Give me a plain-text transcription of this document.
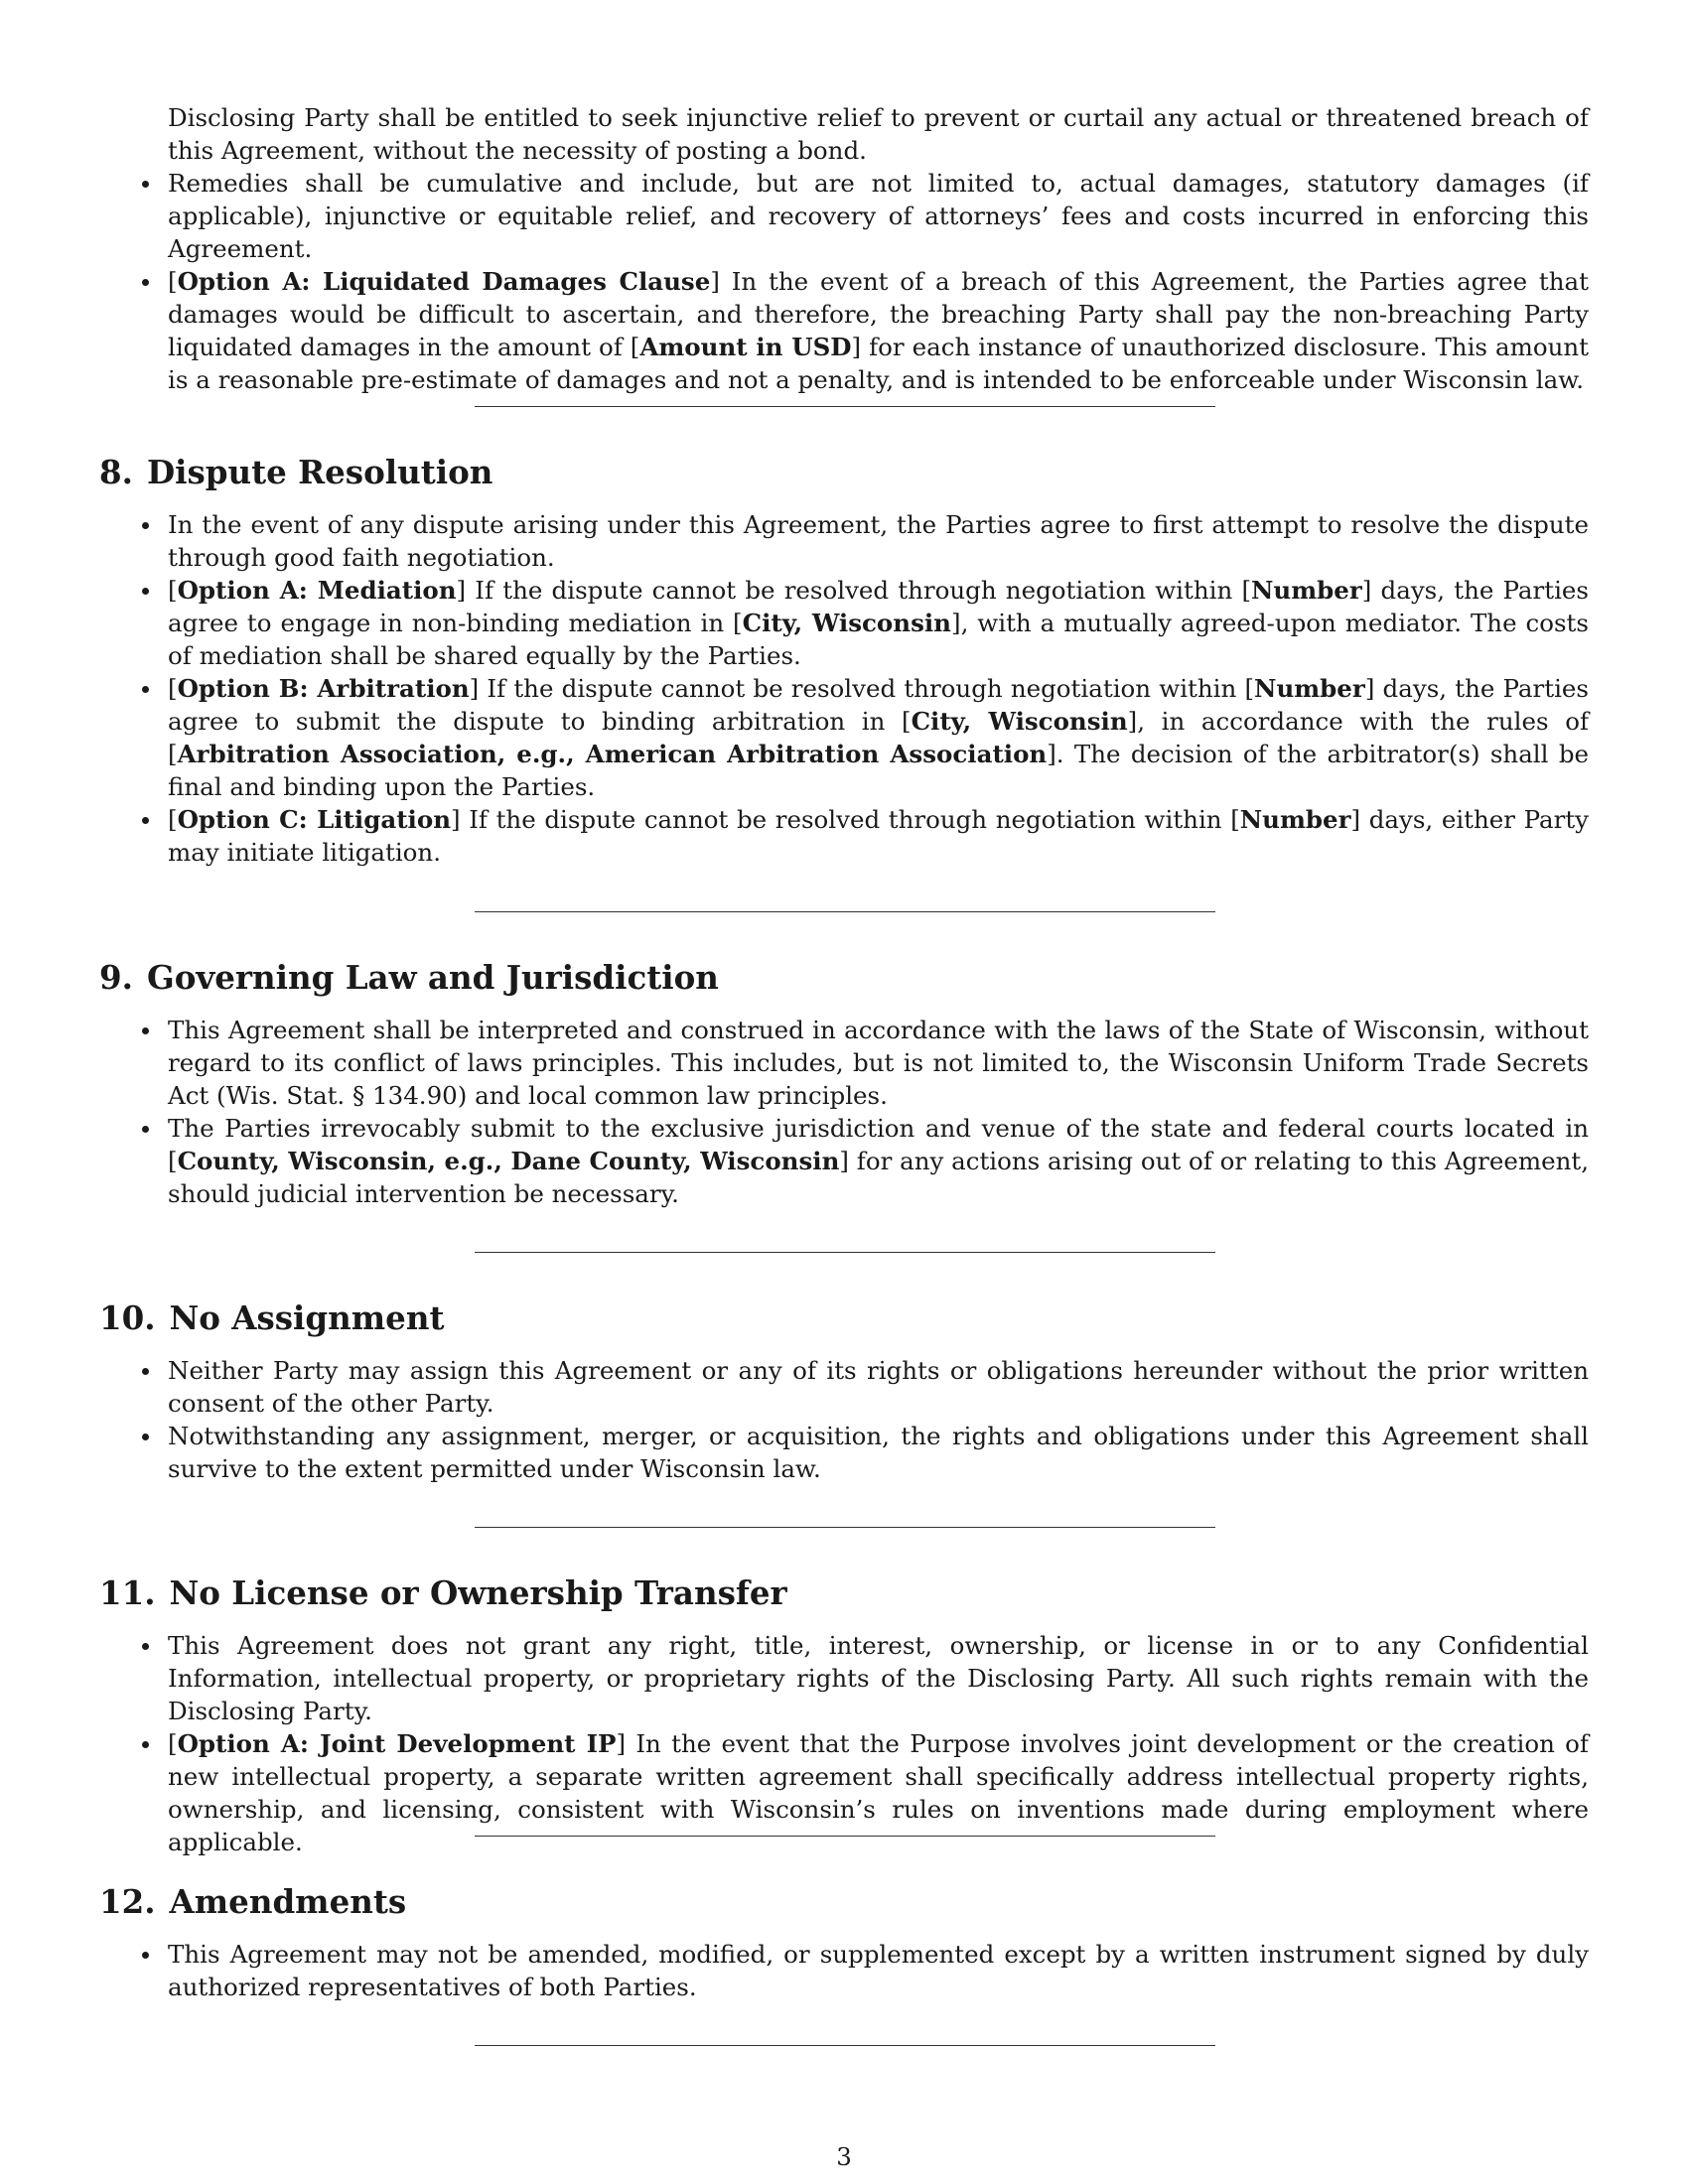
Disclosing Party shall be entitled to seek injunctive relief to prevent or curtail any actual or threatened breach of this Agreement, without the necessity of posting a bond.

Remedies shall be cumulative and include, but are not limited to, actual damages, statutory damages (if applicable), injunctive or equitable relief, and recovery of attorneys’ fees and costs incurred in enforcing this Agreement.
[Option A: Liquidated Damages Clause] In the event of a breach of this Agreement, the Parties agree that damages would be difficult to ascertain, and therefore, the breaching Party shall pay the non-breaching Party liquidated damages in the amount of [Amount in USD] for each instance of unauthorized disclosure. This amount is a reasonable pre-estimate of damages and not a penalty, and is intended to be enforceable under Wisconsin law.
8. Dispute Resolution
In the event of any dispute arising under this Agreement, the Parties agree to first attempt to resolve the dispute through good faith negotiation.
[Option A: Mediation] If the dispute cannot be resolved through negotiation within [Number] days, the Parties agree to engage in non-binding mediation in [City, Wisconsin], with a mutually agreed-upon mediator. The costs of mediation shall be shared equally by the Parties.
[Option B: Arbitration] If the dispute cannot be resolved through negotiation within [Number] days, the Parties agree to submit the dispute to binding arbitration in [City, Wisconsin], in accordance with the rules of [Arbitration Association, e.g., American Arbitration Association]. The decision of the arbitrator(s) shall be final and binding upon the Parties.
[Option C: Litigation] If the dispute cannot be resolved through negotiation within [Number] days, either Party may initiate litigation.
9. Governing Law and Jurisdiction
This Agreement shall be interpreted and construed in accordance with the laws of the State of Wisconsin, without regard to its conflict of laws principles. This includes, but is not limited to, the Wisconsin Uniform Trade Secrets Act (Wis. Stat. § 134.90) and local common law principles.
The Parties irrevocably submit to the exclusive jurisdiction and venue of the state and federal courts located in [County, Wisconsin, e.g., Dane County, Wisconsin] for any actions arising out of or relating to this Agreement, should judicial intervention be necessary.
10. No Assignment
Neither Party may assign this Agreement or any of its rights or obligations hereunder without the prior written consent of the other Party.
Notwithstanding any assignment, merger, or acquisition, the rights and obligations under this Agreement shall survive to the extent permitted under Wisconsin law.
11. No License or Ownership Transfer
This Agreement does not grant any right, title, interest, ownership, or license in or to any Confidential Information, intellectual property, or proprietary rights of the Disclosing Party. All such rights remain with the Disclosing Party.
[Option A: Joint Development IP] In the event that the Purpose involves joint development or the creation of new intellectual property, a separate written agreement shall specifically address intellectual property rights, ownership, and licensing, consistent with Wisconsin’s rules on inventions made during employment where applicable.
12. Amendments
This Agreement may not be amended, modified, or supplemented except by a written instrument signed by duly authorized representatives of both Parties.
3
